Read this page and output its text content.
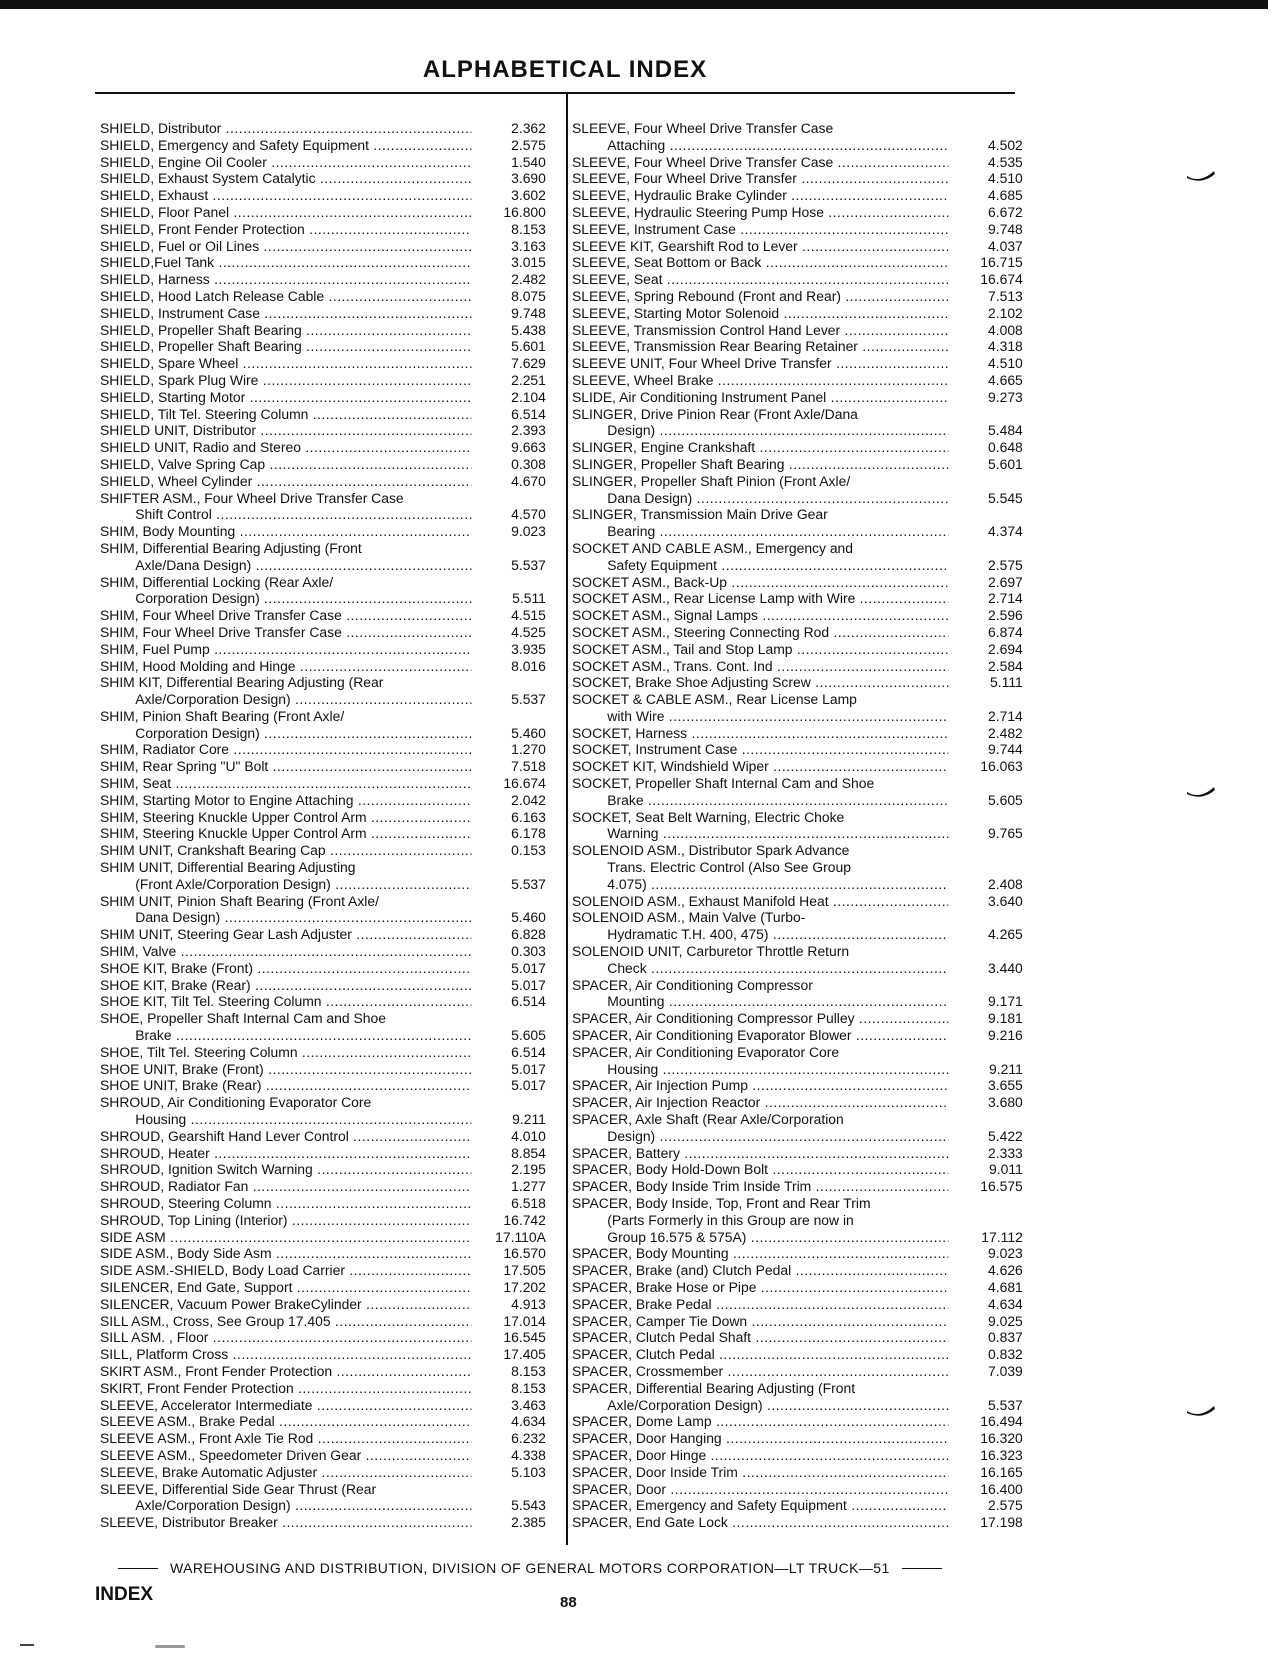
ALPHABETICAL INDEX
SHIELD, Distributor .....	2.362
SHIELD, Emergency and Safety Equipment .....	2.575
SHIELD, Engine Oil Cooler .....	1.540
SHIELD, Exhaust System Catalytic .....	3.690
SHIELD, Exhaust .....	3.602
SHIELD, Floor Panel .....	16.800
SHIELD, Front Fender Protection .....	8.153
SHIELD, Fuel or Oil Lines .....	3.163
SHIELD,Fuel Tank .....	3.015
SHIELD, Harness .....	2.482
SHIELD, Hood Latch Release Cable .....	8.075
SHIELD, Instrument Case .....	9.748
SHIELD, Propeller Shaft Bearing .....	5.438
SHIELD, Propeller Shaft Bearing .....	5.601
SHIELD, Spare Wheel .....	7.629
SHIELD, Spark Plug Wire .....	2.251
SHIELD, Starting Motor .....	2.104
SHIELD, Tilt Tel. Steering Column .....	6.514
SHIELD UNIT, Distributor .....	2.393
SHIELD UNIT, Radio and Stereo .....	9.663
SHIELD, Valve Spring Cap .....	0.308
SHIELD, Wheel Cylinder .....	4.670
SHIFTER ASM., Four Wheel Drive Transfer Case
Shift Control .....	4.570
SHIM, Body Mounting .....	9.023
SHIM, Differential Bearing Adjusting (Front
Axle/Dana Design) .....	5.537
SHIM, Differential Locking (Rear Axle/
Corporation Design) .....	5.511
SHIM, Four Wheel Drive Transfer Case .....	4.515
SHIM, Four Wheel Drive Transfer Case .....	4.525
SHIM, Fuel Pump .....	3.935
SHIM, Hood Molding and Hinge .....	8.016
SHIM KIT, Differential Bearing Adjusting (Rear
Axle/Corporation Design) .....	5.537
SHIM, Pinion Shaft Bearing (Front Axle/
Corporation Design) .....	5.460
SHIM, Radiator Core .....	1.270
SHIM, Rear Spring "U" Bolt .....	7.518
SHIM, Seat .....	16.674
SHIM, Starting Motor to Engine Attaching .....	2.042
SHIM, Steering Knuckle Upper Control Arm .....	6.163
SHIM, Steering Knuckle Upper Control Arm .....	6.178
SHIM UNIT, Crankshaft Bearing Cap .....	0.153
SHIM UNIT, Differential Bearing Adjusting
(Front Axle/Corporation Design) .....	5.537
SHIM UNIT, Pinion Shaft Bearing (Front Axle/
Dana Design) .....	5.460
SHIM UNIT, Steering Gear Lash Adjuster .....	6.828
SHIM, Valve .....	0.303
SHOE KIT, Brake (Front) .....	5.017
SHOE KIT, Brake (Rear) .....	5.017
SHOE KIT, Tilt Tel. Steering Column .....	6.514
SHOE, Propeller Shaft Internal Cam and Shoe
Brake .....	5.605
SHOE, Tilt Tel. Steering Column .....	6.514
SHOE UNIT, Brake (Front) .....	5.017
SHOE UNIT, Brake (Rear) .....	5.017
SHROUD, Air Conditioning Evaporator Core
Housing .....	9.211
SHROUD, Gearshift Hand Lever Control .....	4.010
SHROUD, Heater .....	8.854
SHROUD, Ignition Switch Warning .....	2.195
SHROUD, Radiator Fan .....	1.277
SHROUD, Steering Column .....	6.518
SHROUD, Top Lining (Interior) .....	16.742
SIDE ASM .....	17.110A
SIDE ASM., Body Side Asm .....	16.570
SIDE ASM.-SHIELD, Body Load Carrier .....	17.505
SILENCER, End Gate, Support .....	17.202
SILENCER, Vacuum Power BrakeCylinder .....	4.913
SILL ASM., Cross, See Group 17.405 .....	17.014
SILL ASM. , Floor .....	16.545
SILL, Platform Cross .....	17.405
SKIRT ASM., Front Fender Protection .....	8.153
SKIRT, Front Fender Protection .....	8.153
SLEEVE, Accelerator Intermediate .....	3.463
SLEEVE ASM., Brake Pedal .....	4.634
SLEEVE ASM., Front Axle Tie Rod .....	6.232
SLEEVE ASM., Speedometer Driven Gear .....	4.338
SLEEVE, Brake Automatic Adjuster .....	5.103
SLEEVE, Differential Side Gear Thrust (Rear
Axle/Corporation Design) .....	5.543
SLEEVE, Distributor Breaker .....	2.385
SLEEVE, Four Wheel Drive Transfer Case
Attaching .....	4.502
SLEEVE, Four Wheel Drive Transfer Case .....	4.535
SLEEVE, Four Wheel Drive Transfer .....	4.510
SLEEVE, Hydraulic Brake Cylinder .....	4.685
SLEEVE, Hydraulic Steering Pump Hose .....	6.672
SLEEVE, Instrument Case .....	9.748
SLEEVE KIT, Gearshift Rod to Lever .....	4.037
SLEEVE, Seat Bottom or Back .....	16.715
SLEEVE, Seat .....	16.674
SLEEVE, Spring Rebound (Front and Rear) .....	7.513
SLEEVE, Starting Motor Solenoid .....	2.102
SLEEVE, Transmission Control Hand Lever .....	4.008
SLEEVE, Transmission Rear Bearing Retainer .....	4.318
SLEEVE UNIT, Four Wheel Drive Transfer .....	4.510
SLEEVE, Wheel Brake .....	4.665
SLIDE, Air Conditioning Instrument Panel .....	9.273
SLINGER, Drive Pinion Rear (Front Axle/Dana
Design) .....	5.484
SLINGER, Engine Crankshaft .....	0.648
SLINGER, Propeller Shaft Bearing .....	5.601
SLINGER, Propeller Shaft Pinion (Front Axle/
Dana Design) .....	5.545
SLINGER, Transmission Main Drive Gear
Bearing .....	4.374
SOCKET AND CABLE ASM., Emergency and
Safety Equipment .....	2.575
SOCKET ASM., Back-Up .....	2.697
SOCKET ASM., Rear License Lamp with Wire .....	2.714
SOCKET ASM., Signal Lamps .....	2.596
SOCKET ASM., Steering Connecting Rod .....	6.874
SOCKET ASM., Tail and Stop Lamp .....	2.694
SOCKET ASM., Trans. Cont. Ind .....	2.584
SOCKET, Brake Shoe Adjusting Screw .....	5.111
SOCKET & CABLE ASM., Rear License Lamp
with Wire .....	2.714
SOCKET, Harness .....	2.482
SOCKET, Instrument Case .....	9.744
SOCKET KIT, Windshield Wiper .....	16.063
SOCKET, Propeller Shaft Internal Cam and Shoe
Brake .....	5.605
SOCKET, Seat Belt Warning, Electric Choke
Warning .....	9.765
SOLENOID ASM., Distributor Spark Advance
Trans. Electric Control (Also See Group
4.075) .....	2.408
SOLENOID ASM., Exhaust Manifold Heat .....	3.640
SOLENOID ASM., Main Valve (Turbo-
Hydramatic T.H. 400, 475) .....	4.265
SOLENOID UNIT, Carburetor Throttle Return
Check .....	3.440
SPACER, Air Conditioning Compressor
Mounting .....	9.171
SPACER, Air Conditioning Compressor Pulley .....	9.181
SPACER, Air Conditioning Evaporator Blower .....	9.216
SPACER, Air Conditioning Evaporator Core
Housing .....	9.211
SPACER, Air Injection Pump .....	3.655
SPACER, Air Injection Reactor .....	3.680
SPACER, Axle Shaft (Rear Axle/Corporation
Design) .....	5.422
SPACER, Battery .....	2.333
SPACER, Body Hold-Down Bolt .....	9.011
SPACER, Body Inside Trim Inside Trim .....	16.575
SPACER, Body Inside, Top, Front and Rear Trim
(Parts Formerly in this Group are now in
Group 16.575 & 575A) .....	17.112
SPACER, Body Mounting .....	9.023
SPACER, Brake (and) Clutch Pedal .....	4.626
SPACER, Brake Hose or Pipe .....	4.681
SPACER, Brake Pedal .....	4.634
SPACER, Camper Tie Down .....	9.025
SPACER, Clutch Pedal Shaft .....	0.837
SPACER, Clutch Pedal .....	0.832
SPACER, Crossmember .....	7.039
SPACER, Differential Bearing Adjusting (Front
Axle/Corporation Design) .....	5.537
SPACER, Dome Lamp .....	16.494
SPACER, Door Hanging .....	16.320
SPACER, Door Hinge .....	16.323
SPACER, Door Inside Trim .....	16.165
SPACER, Door .....	16.400
SPACER, Emergency and Safety Equipment .....	2.575
SPACER, End Gate Lock .....	17.198
WAREHOUSING AND DISTRIBUTION, DIVISION OF GENERAL MOTORS CORPORATION—LT TRUCK—51
INDEX	88
